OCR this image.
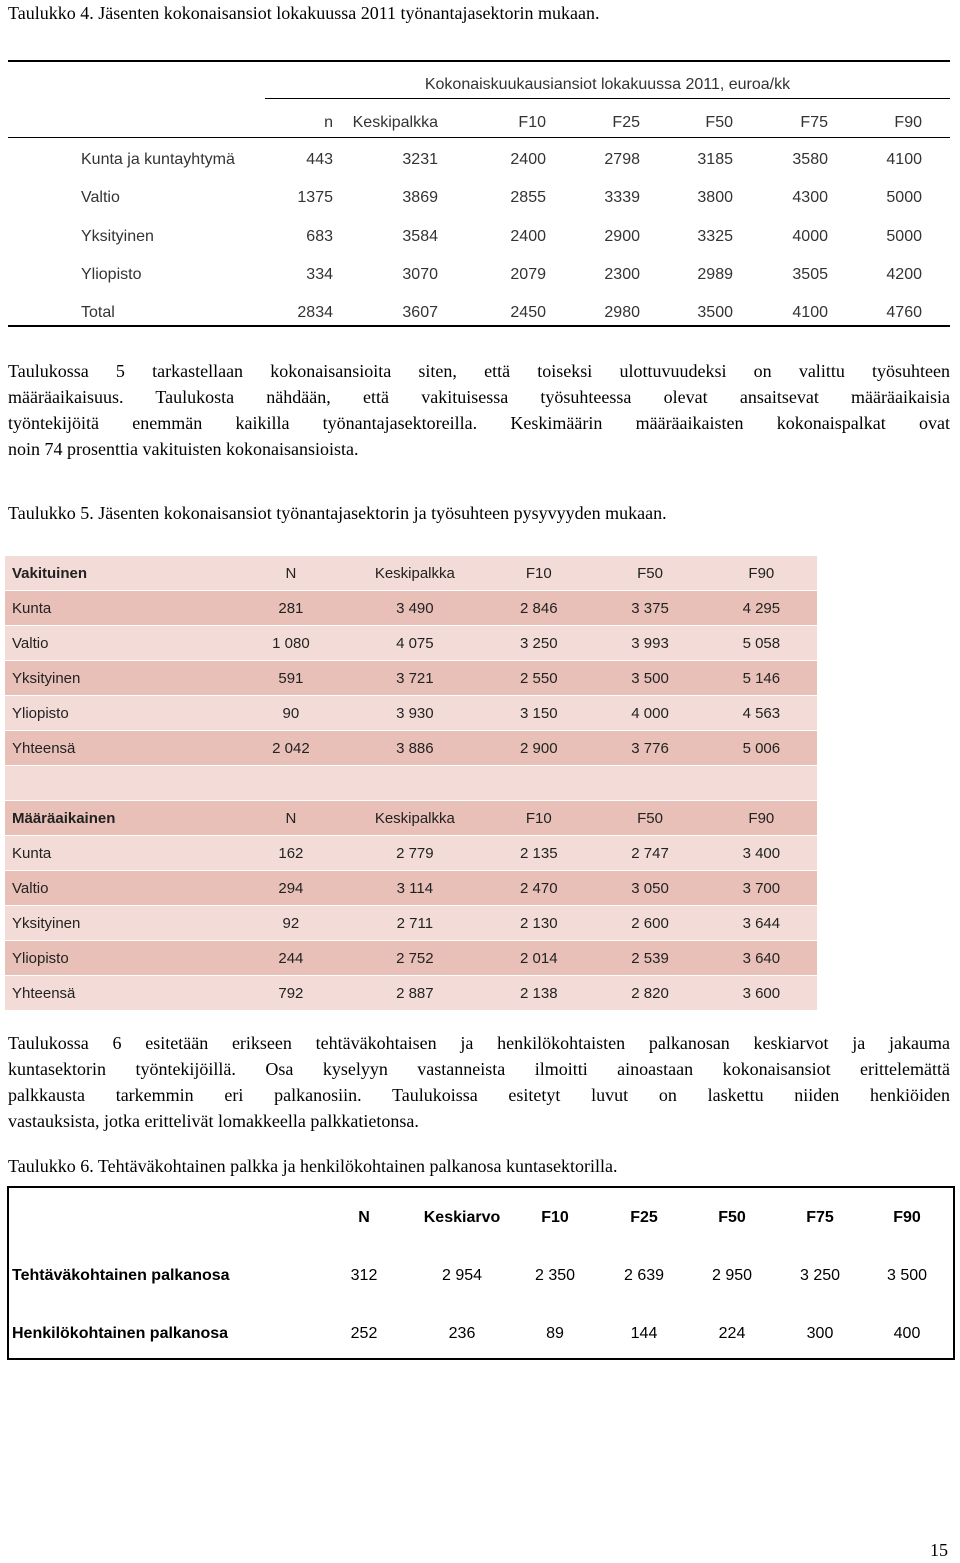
Taulukko 4. Jäsenten kokonaisansiot lokakuussa 2011 työnantajasektorin mukaan.
Kokonaiskuukausiansiot lokakuussa 2011, euroa/kk
n Keskipalkka	F10	F25	F50	F75	F90
Kunta ja kuntayhtymä	443	3231	2400	2798	3185	3580	4100
Valtio	1375	3869	2855	3339	3800	4300	5000
Yksityinen	683	3584	2400	2900	3325	4000	5000
Yliopisto	334	3070	2079	2300	2989	3505	4200
Total	2834	3607	2450	2980	3500	4100	4760
Taulukossa 5 tarkastellaan kokonaisansioita siten, että toiseksi ulottuvuudeksi on valittu työsuhteen
määräaikaisuus. Taulukosta nähdään, että vakituisessa työsuhteessa olevat ansaitsevat määräaikaisia
työntekijöitä enemmän kaikilla työnantajasektoreilla. Keskimäärin määräaikaisten kokonaispalkat ovat
noin 74 prosenttia vakituisten kokonaisansioista.
Taulukko 5. Jäsenten kokonaisansiot työnantajasektorin ja työsuhteen pysyvyyden mukaan.
Vakituinen	N	Keskipalkka	F10	F50	F90
Kunta	281	3 490	2 846	3 375	4 295
Valtio	1 080	4 075	3 250	3 993	5 058
Yksityinen	591	3 721	2 550	3 500	5 146
Yliopisto	90	3 930	3 150	4 000	4 563
Yhteensä	2 042	3 886	2 900	3 776	5 006

Määräaikainen	N	Keskipalkka	F10	F50	F90
Kunta	162	2 779	2 135	2 747	3 400
Valtio	294	3 114	2 470	3 050	3 700
Yksityinen	92	2 711	2 130	2 600	3 644
Yliopisto	244	2 752	2 014	2 539	3 640
Yhteensä	792	2 887	2 138	2 820	3 600
Taulukossa 6 esitetään erikseen tehtäväkohtaisen ja henkilökohtaisten palkanosan keskiarvot ja jakauma
kuntasektorin työntekijöillä. Osa kyselyyn vastanneista ilmoitti ainoastaan kokonaisansiot erittelemättä
palkkausta tarkemmin eri palkanosiin. Taulukoissa esitetyt luvut on laskettu niiden henkiöiden
vastauksista, jotka erittelivät lomakkeella palkkatietonsa.
Taulukko 6. Tehtäväkohtainen palkka ja henkilökohtainen palkanosa kuntasektorilla.
N	Keskiarvo	F10	F25	F50	F75	F90
Tehtäväkohtainen palkanosa	312	2 954	2 350	2 639	2 950	3 250	3 500
Henkilökohtainen palkanosa	252	236	89	144	224	300	400
15
